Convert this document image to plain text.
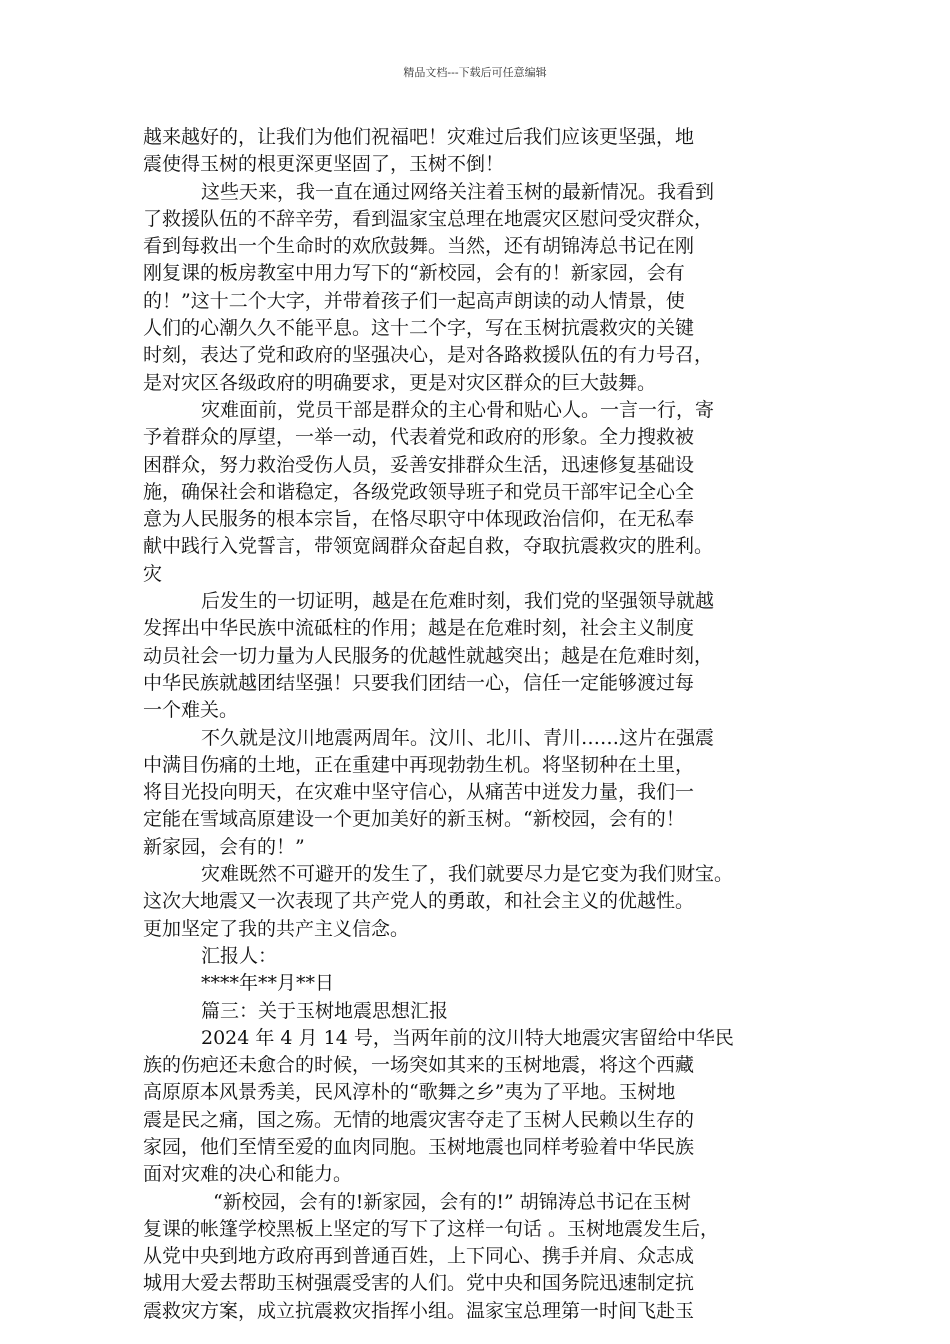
精品文档---下载后可任意编辑
越来越好的，让我们为他们祝福吧！灾难过后我们应该更坚强，地
震使得玉树的根更深更坚固了，玉树不倒！
这些天来，我一直在通过网络关注着玉树的最新情况。我看到
了救援队伍的不辞辛劳，看到温家宝总理在地震灾区慰问受灾群众，
看到每救出一个生命时的欢欣鼓舞。当然，还有胡锦涛总书记在刚
刚复课的板房教室中用力写下的“新校园，会有的！新家园，会有
的！”这十二个大字，并带着孩子们一起高声朗读的动人情景，使
人们的心潮久久不能平息。这十二个字，写在玉树抗震救灾的关键
时刻，表达了党和政府的坚强决心，是对各路救援队伍的有力号召，
是对灾区各级政府的明确要求，更是对灾区群众的巨大鼓舞。
灾难面前，党员干部是群众的主心骨和贴心人。一言一行，寄
予着群众的厚望，一举一动，代表着党和政府的形象。全力搜救被
困群众，努力救治受伤人员，妥善安排群众生活，迅速修复基础设
施，确保社会和谐稳定，各级党政领导班子和党员干部牢记全心全
意为人民服务的根本宗旨，在恪尽职守中体现政治信仰，在无私奉
献中践行入党誓言，带领宽阔群众奋起自救，夺取抗震救灾的胜利。
灾
后发生的一切证明，越是在危难时刻，我们党的坚强领导就越
发挥出中华民族中流砥柱的作用；越是在危难时刻，社会主义制度
动员社会一切力量为人民服务的优越性就越突出；越是在危难时刻，
中华民族就越团结坚强！只要我们团结一心，信任一定能够渡过每
一个难关。
不久就是汶川地震两周年。汶川、北川、青川……这片在强震
中满目伤痛的土地，正在重建中再现勃勃生机。将坚韧种在土里，
将目光投向明天，在灾难中坚守信心，从痛苦中迸发力量，我们一
定能在雪域高原建设一个更加美好的新玉树。“新校园，会有的！
新家园，会有的！”
灾难既然不可避开的发生了，我们就要尽力是它变为我们财宝。
这次大地震又一次表现了共产党人的勇敢，和社会主义的优越性。
更加坚定了我的共产主义信念。
汇报人：
****年**月**日
篇三：关于玉树地震思想汇报
2024 年 4 月 14 号，当两年前的汶川特大地震灾害留给中华民
族的伤疤还未愈合的时候，一场突如其来的玉树地震，将这个西藏
高原原本风景秀美，民风淳朴的“歌舞之乡”夷为了平地。玉树地
震是民之痛，国之殇。无情的地震灾害夺走了玉树人民赖以生存的
家园，他们至情至爱的血肉同胞。玉树地震也同样考验着中华民族
面对灾难的决心和能力。
“新校园，会有的!新家园，会有的!” 胡锦涛总书记在玉树
复课的帐篷学校黑板上坚定的写下了这样一句话 。玉树地震发生后，
从党中央到地方政府再到普通百姓，上下同心、携手并肩、众志成
城用大爱去帮助玉树强震受害的人们。党中央和国务院迅速制定抗
震救灾方案，成立抗震救灾指挥小组。温家宝总理第一时间飞赴玉
